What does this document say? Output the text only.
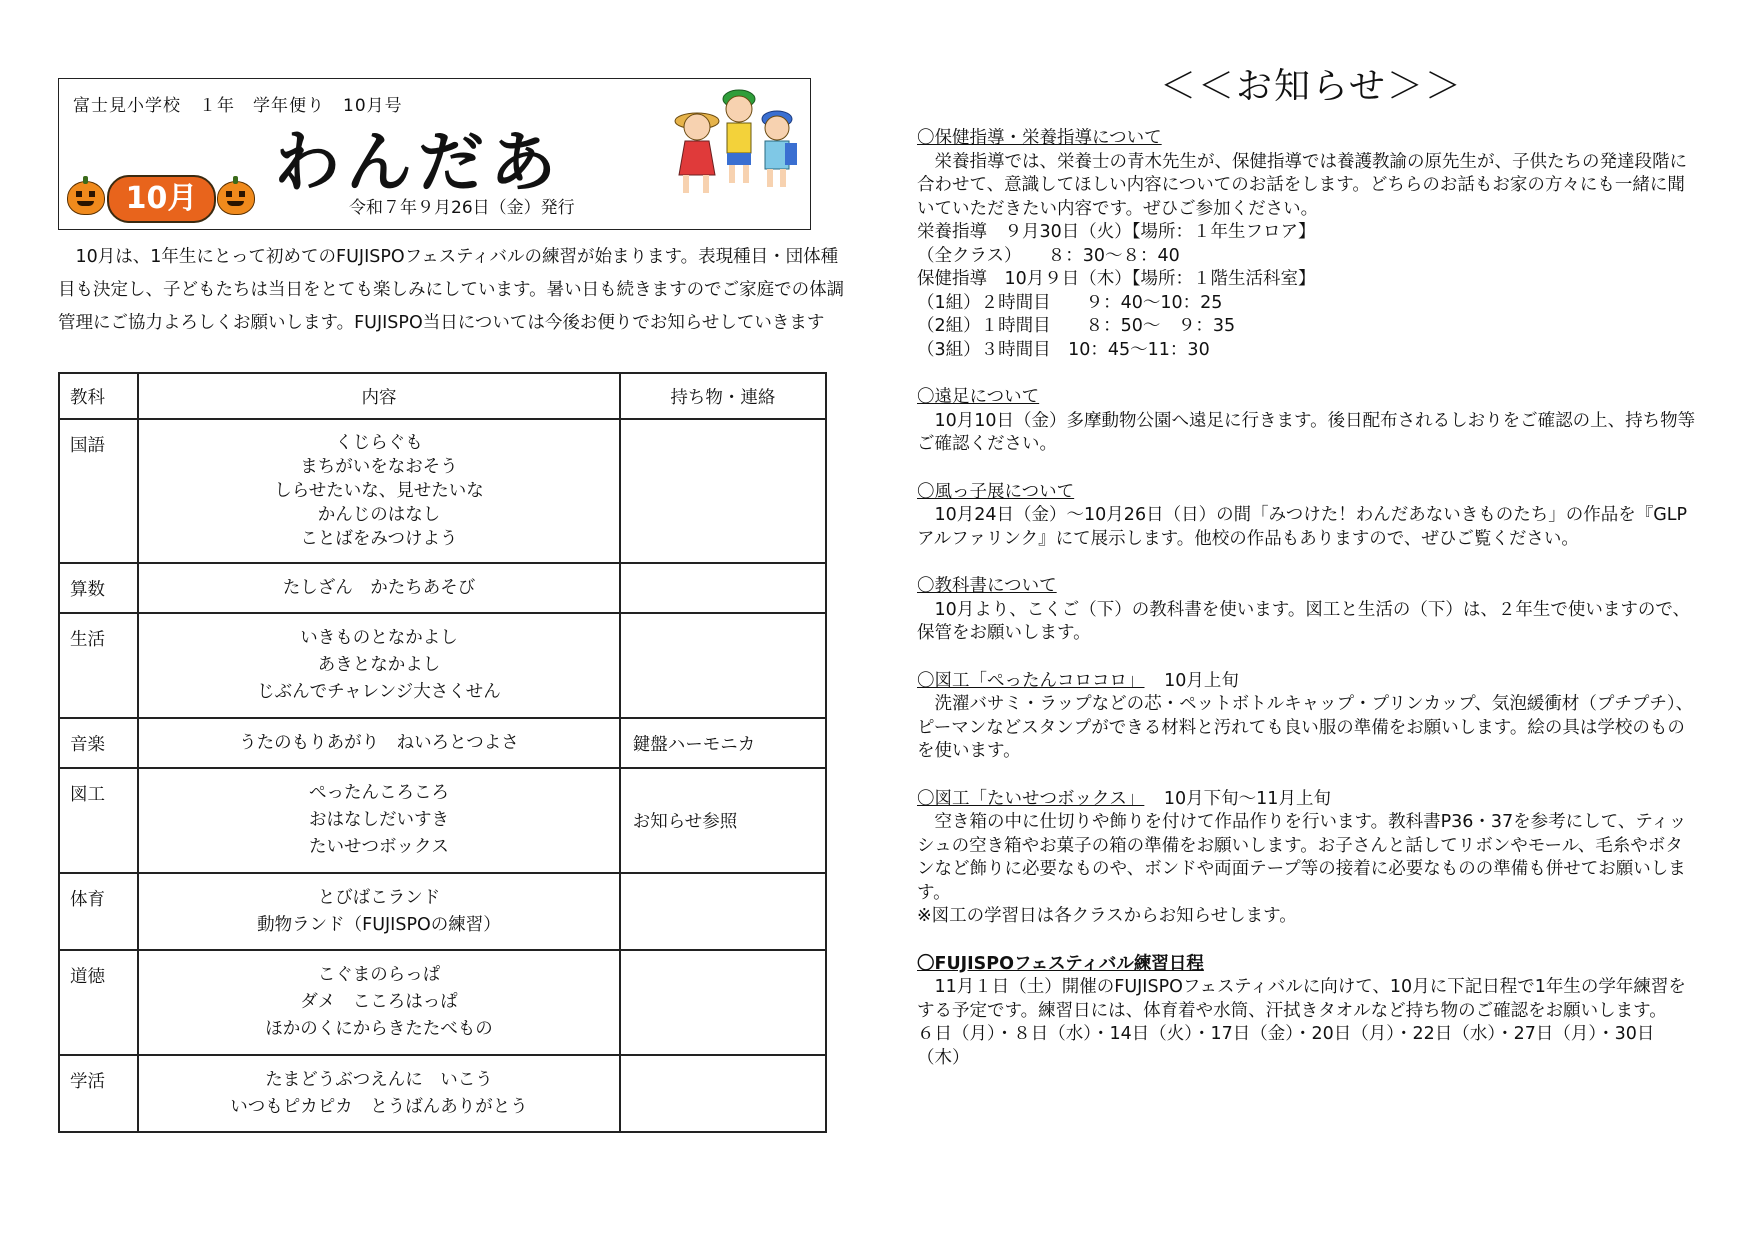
富士見小学校　１年　学年便り　10月号
わんだあ
令和７年９月26日（金）発行
10月
10月は、1年生にとって初めてのFUJISPOフェスティバルの練習が始まります。表現種目・団体種目も決定し、子どもたちは当日をとても楽しみにしています。暑い日も続きますのでご家庭での体調管理にご協力よろしくお願いします。FUJISPO当日については今後お便りでお知らせしていきます
教科	内容	持ち物・連絡
国語	くじらぐも
まちがいをなおそう
しらせたいな、見せたいな
かんじのはなし
ことばをみつけよう	

算数	たしざん　かたちあそび	

生活	いきものとなかよし
あきとなかよし
じぶんでチャレンジ大さくせん	

音楽	うたのもりあがり　ねいろとつよさ	鍵盤ハーモニカ
図工	ぺったんころころ
おはなしだいすき
たいせつボックス	お知らせ参照
体育	とびばこランド
動物ランド（FUJISPOの練習）	

道徳	こぐまのらっぱ
ダメ　こころはっぱ
ほかのくにからきたたべもの	

学活	たまどうぶつえんに　いこう
いつもピカピカ　とうばんありがとう	

＜＜お知らせ＞＞
〇保健指導・栄養指導について
栄養指導では、栄養士の青木先生が、保健指導では養護教諭の原先生が、子供たちの発達段階に合わせて、意識してほしい内容についてのお話をします。どちらのお話もお家の方々にも一緒に聞いていただきたい内容です。ぜひご参加ください。
栄養指導　９月30日（火）【場所：１年生フロア】
（全クラス）　　８：30～８：40
保健指導　10月９日（木）【場所：１階生活科室】
（1組）２時間目　　９：40～10：25
（2組）１時間目　　８：50～　９：35
（3組）３時間目　10：45～11：30
〇遠足について
10月10日（金）多摩動物公園へ遠足に行きます。後日配布されるしおりをご確認の上、持ち物等ご確認ください。
〇風っ子展について
10月24日（金）～10月26日（日）の間「みつけた！わんだあないきものたち」の作品を『GLPアルファリンク』にて展示します。他校の作品もありますので、ぜひご覧ください。
〇教科書について
10月より、こくご（下）の教科書を使います。図工と生活の（下）は、２年生で使いますので、保管をお願いします。
〇図工「ぺったんコロコロ」 10月上旬
洗濯バサミ・ラップなどの芯・ペットボトルキャップ・プリンカップ、気泡緩衝材（プチプチ）、ピーマンなどスタンプができる材料と汚れても良い服の準備をお願いします。絵の具は学校のものを使います。
〇図工「たいせつボックス」 10月下旬～11月上旬
空き箱の中に仕切りや飾りを付けて作品作りを行います。教科書P36・37を参考にして、ティッシュの空き箱やお菓子の箱の準備をお願いします。お子さんと話してリボンやモール、毛糸やボタンなど飾りに必要なものや、ボンドや両面テープ等の接着に必要なものの準備も併せてお願いします。
※図工の学習日は各クラスからお知らせします。
〇FUJISPOフェスティバル練習日程
11月１日（土）開催のFUJISPOフェスティバルに向けて、10月に下記日程で1年生の学年練習をする予定です。練習日には、体育着や水筒、汗拭きタオルなど持ち物のご確認をお願いします。
６日（月）・８日（水）・14日（火）・17日（金）・20日（月）・22日（水）・27日（月）・30日（木）
